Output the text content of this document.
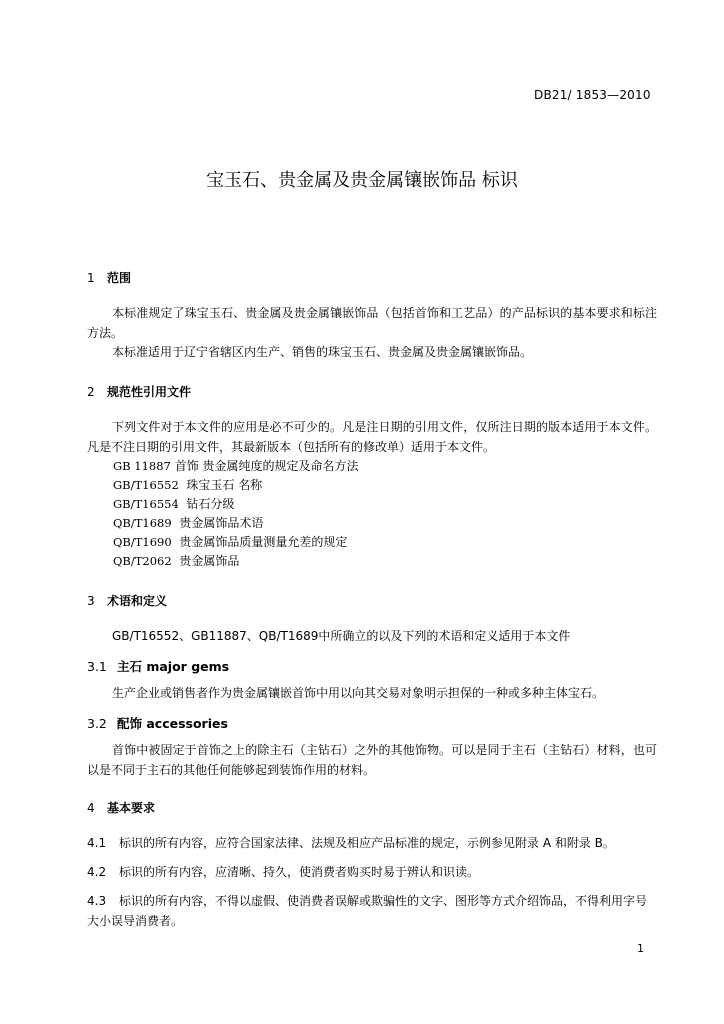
DB21/ 1853—2010
宝玉石、贵金属及贵金属镶嵌饰品 标识
1 范围
本标准规定了珠宝玉石、贵金属及贵金属镶嵌饰品（包括首饰和工艺品）的产品标识的基本要求和标注方法。
本标准适用于辽宁省辖区内生产、销售的珠宝玉石、贵金属及贵金属镶嵌饰品。
2 规范性引用文件
下列文件对于本文件的应用是必不可少的。凡是注日期的引用文件，仅所注日期的版本适用于本文件。凡是不注日期的引用文件，其最新版本（包括所有的修改单）适用于本文件。
GB 11887 首饰 贵金属纯度的规定及命名方法
GB/T16552 珠宝玉石 名称
GB/T16554 钻石分级
QB/T1689 贵金属饰品术语
QB/T1690 贵金属饰品质量测量允差的规定
QB/T2062 贵金属饰品
3 术语和定义
GB/T16552、GB11887、QB/T1689中所确立的以及下列的术语和定义适用于本文件
3.1 主石 major gems
生产企业或销售者作为贵金属镶嵌首饰中用以向其交易对象明示担保的一种或多种主体宝石。
3.2 配饰 accessories
首饰中被固定于首饰之上的除主石（主钻石）之外的其他饰物。可以是同于主石（主钻石）材料，也可以是不同于主石的其他任何能够起到装饰作用的材料。
4 基本要求
4.1 标识的所有内容，应符合国家法律、法规及相应产品标准的规定，示例参见附录 A 和附录 B。
4.2 标识的所有内容，应清晰、持久，使消费者购买时易于辨认和识读。
4.3 标识的所有内容，不得以虚假、使消费者误解或欺骗性的文字、图形等方式介绍饰品，不得利用字号大小误导消费者。
1
